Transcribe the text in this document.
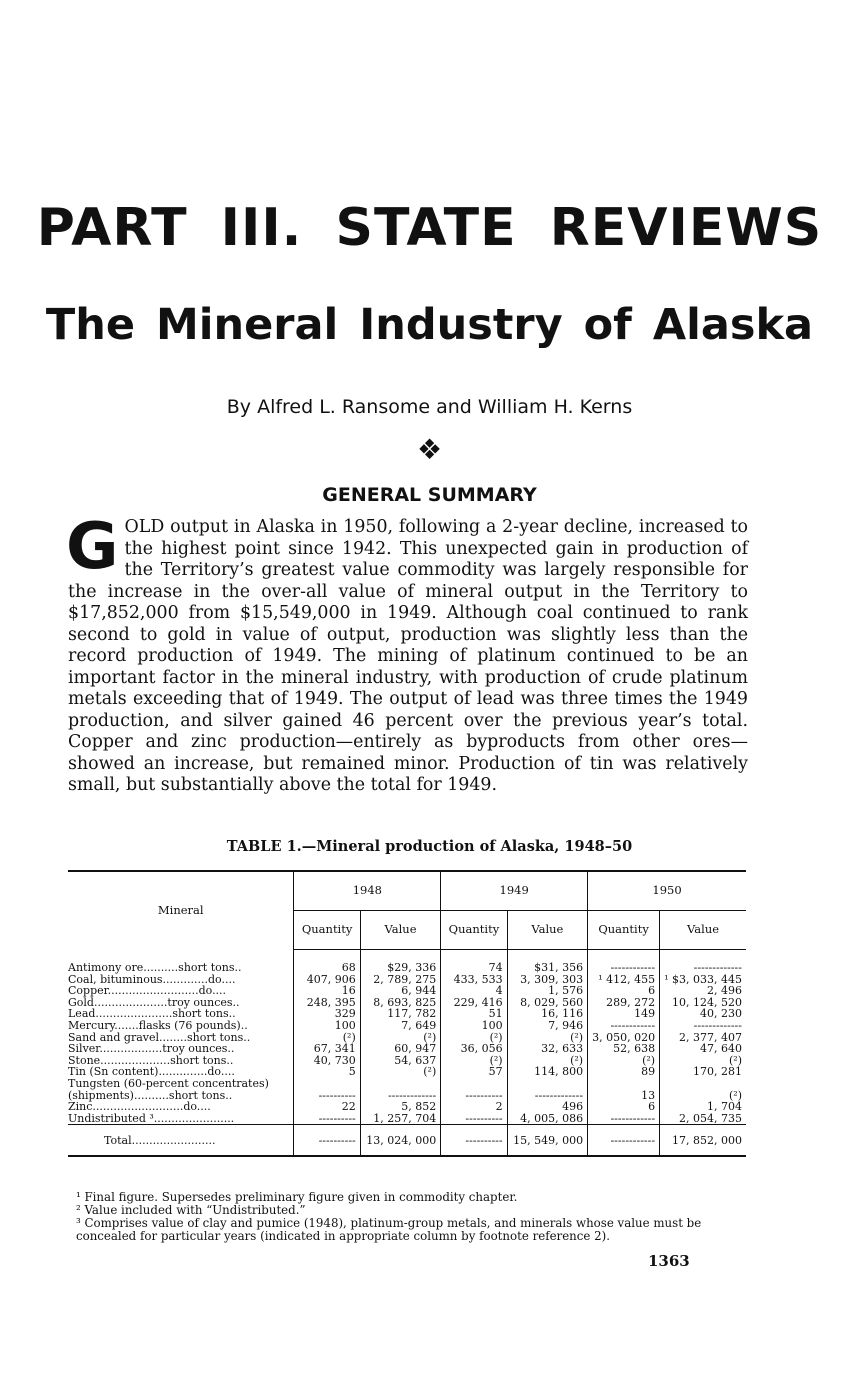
PART III. STATE REVIEWS
The Mineral Industry of Alaska
By Alfred L. Ransome and William H. Kerns
❖
GENERAL SUMMARY

GOLD output in Alaska in 1950, following a 2-year decline, increased to the highest point since 1942. This unexpected gain in production of the Territory’s greatest value commodity was largely responsible for the increase in the over-all value of mineral output in the Territory to $17,852,000 from $15,549,000 in 1949. Although coal continued to rank second to gold in value of output, production was slightly less than the record production of 1949. The mining of platinum continued to be an important factor in the mineral industry, with production of crude platinum metals exceeding that of 1949. The output of lead was three times the 1949 production, and silver gained 46 percent over the previous year’s total. Copper and zinc production—entirely as byproducts from other ores—showed an increase, but remained minor. Production of tin was relatively small, but substantially above the total for 1949.

TABLE 1.—Mineral production of Alaska, 1948–50
Mineral	1948		1949		1950	
	Quantity	Value	Quantity	Value	Quantity	Value

Antimony ore..........short tons..	68	$29, 336	74	$31, 356	------------	-------------
Coal, bituminous.............do....	407, 906	2, 789, 275	433, 533	3, 309, 303	¹ 412, 455	¹ $3, 033, 445
Copper..........................do....	16	6, 944	4	1, 576	6	2, 496
Gold.....................troy ounces..	248, 395	8, 693, 825	229, 416	8, 029, 560	289, 272	10, 124, 520
Lead......................short tons..	329	117, 782	51	16, 116	149	40, 230
Mercury.......flasks (76 pounds)..	100	7, 649	100	7, 946	------------	-------------
Sand and gravel........short tons..	(²)	(²)	(²)	(²)	3, 050, 020	2, 377, 407
Silver..................troy ounces..	67, 341	60, 947	36, 056	32, 633	52, 638	47, 640
Stone....................short tons..	40, 730	54, 637	(²)	(²)	(²)	(²)
Tin (Sn content)..............do....	5	(²)	57	114, 800	89	170, 281
Tungsten (60-percent concentrates)						
(shipments)..........short tons..	----------	-------------	----------	-------------	13	(²)
Zinc..........................do....	22	5, 852	2	496	6	1, 704
Undistributed ³.......................	----------	1, 257, 704	----------	4, 005, 086	------------	2, 054, 735
Total........................	----------	13, 024, 000	----------	15, 549, 000	------------	17, 852, 000

¹ Final figure. Supersedes preliminary figure given in commodity chapter.

² Value included with “Undistributed.”

³ Comprises value of clay and pumice (1948), platinum-group metals, and minerals whose value must be concealed for particular years (indicated in appropriate column by footnote reference 2).

1363
